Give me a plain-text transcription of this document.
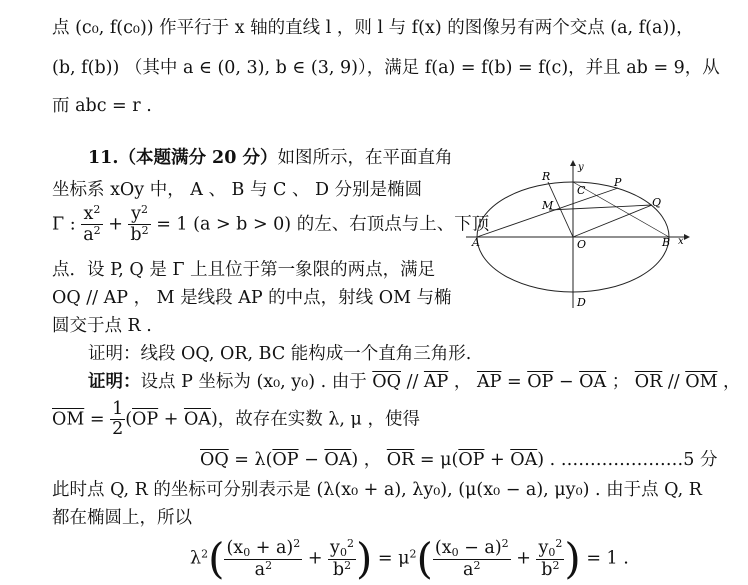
点 (c₀, f(c₀)) 作平行于 x 轴的直线 l ，则 l 与 f(x) 的图像另有两个交点 (a, f(a))，
(b, f(b)) （其中 a ∈ (0, 3), b ∈ (3, 9)），满足 f(a) = f(b) = f(c)，并且 ab = 9，从
而 abc = r .
11.（本题满分 20 分）如图所示，在平面直角
坐标系 xOy 中， A 、 B 与 C 、 D 分别是椭圆
Γ : $\frac{x^2}{a^2} + \frac{y^2}{b^2} = 1$ (a > b > 0) 的左、右顶点与上、下顶
点．设 P, Q 是 Γ 上且位于第一象限的两点，满足
OQ // AP ， M 是线段 AP 的中点，射线 OM 与椭
圆交于点 R .
证明：线段 OQ, OR, BC 能构成一个直角三角形.
证明：设点 P 坐标为 (x₀, y₀) . 由于 $\overline{OQ} // \overline{AP}$ ， $\overline{AP} = \overline{OP} - \overline{OA}$ ； $\overline{OR} // \overline{OM}$ ，
$\overline{OM} = \frac{1}{2} (\overline{OP} + \overline{OA})$，故存在实数 λ, μ ，使得
$\overline{OQ} = \lambda(\overline{OP} - \overline{OA})$ ， $\overline{OR} = \mu(\overline{OP} + \overline{OA})$ . …………………5 分
此时点 Q, R 的坐标可分别表示是 (λ(x₀ + a), λy₀), (μ(x₀ − a), μy₀) . 由于点 Q, R
都在椭圆上，所以
$\lambda^2( \frac{(x_0 + a)^2}{a^2} + \frac{y_0^2}{b^2}$ ) = $\mu^2( \frac{(x_0 - a)^2}{a^2} + \frac{y_0^2}{b^2}$ ) = 1 .
y
x
A	B
C
D
O
P
Q
R
M
